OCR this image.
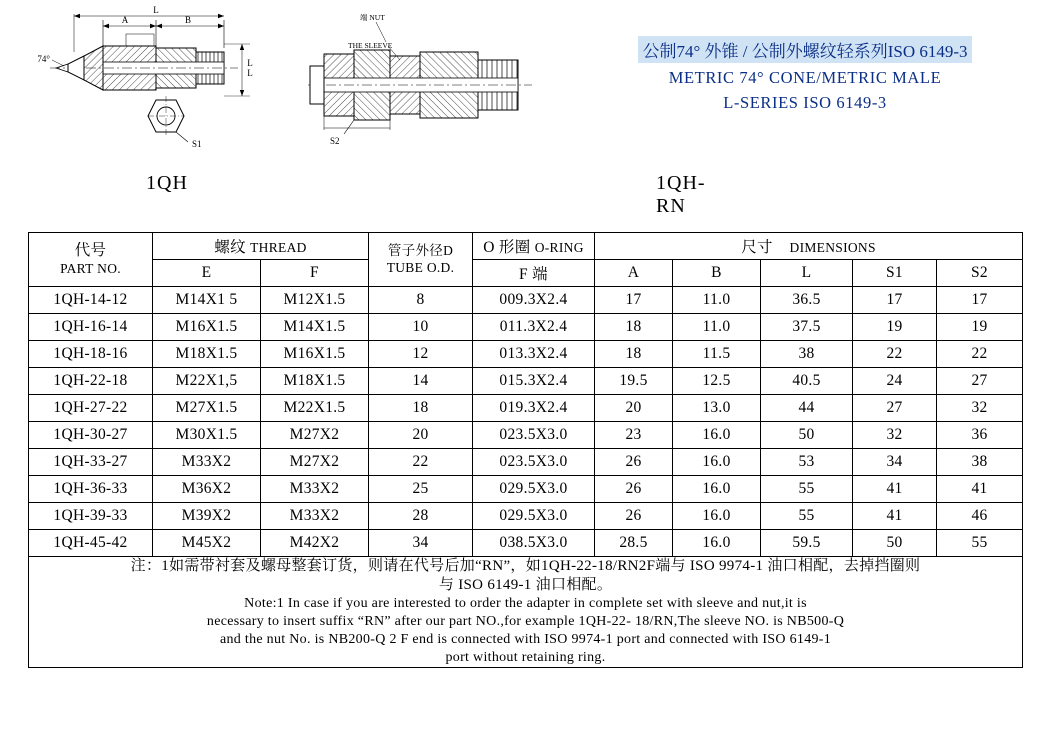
A	B
L
74°	L
L
S1
1QH
端 NUT
THE SLEEVE
S2
1QH-RN
公制74° 外锥 / 公制外螺纹轻系列ISO 6149-3
METRIC 74° CONE/METRIC MALE
L-SERIES ISO 6149-3
代号
PART NO.
	螺纹 THREAD	管子外径D
TUBE O.D.
	O 形圈 O-RING	尺寸 DIMENSIONS
	E	F		F 端	A	B	L	S1	S2
1QH-14-12	M14X1 5	M12X1.5	8	009.3X2.4	17	11.0	36.5	17	17
1QH-16-14	M16X1.5	M14X1.5	10	011.3X2.4	18	11.0	37.5	19	19
1QH-18-16	M18X1.5	M16X1.5	12	013.3X2.4	18	11.5	38	22	22
1QH-22-18	M22X1,5	M18X1.5	14	015.3X2.4	19.5	12.5	40.5	24	27
1QH-27-22	M27X1.5	M22X1.5	18	019.3X2.4	20	13.0	44	27	32
1QH-30-27	M30X1.5	M27X2	20	023.5X3.0	23	16.0	50	32	36
1QH-33-27	M33X2	M27X2	22	023.5X3.0	26	16.0	53	34	38
1QH-36-33	M36X2	M33X2	25	029.5X3.0	26	16.0	55	41	41
1QH-39-33	M39X2	M33X2	28	029.5X3.0	26	16.0	55	41	46
1QH-45-42	M45X2	M42X2	34	038.5X3.0	28.5	16.0	59.5	50	55

注：1如需带衬套及螺母整套订货，则请在代号后加“RN”，如1QH-22-18/RN2F端与 ISO 9974-1 油口相配，去掉挡圈则
与 ISO 6149-1 油口相配。
Note:1 In case if you are interested to order the adapter in complete set with sleeve and nut,it is
necessary to insert suffix “RN” after our part NO.,for example 1QH-22- 18/RN,The sleeve NO. is NB500-Q
and the nut No. is NB200-Q 2 F end is connected with ISO 9974-1 port and connected with ISO 6149-1
port without retaining ring.
